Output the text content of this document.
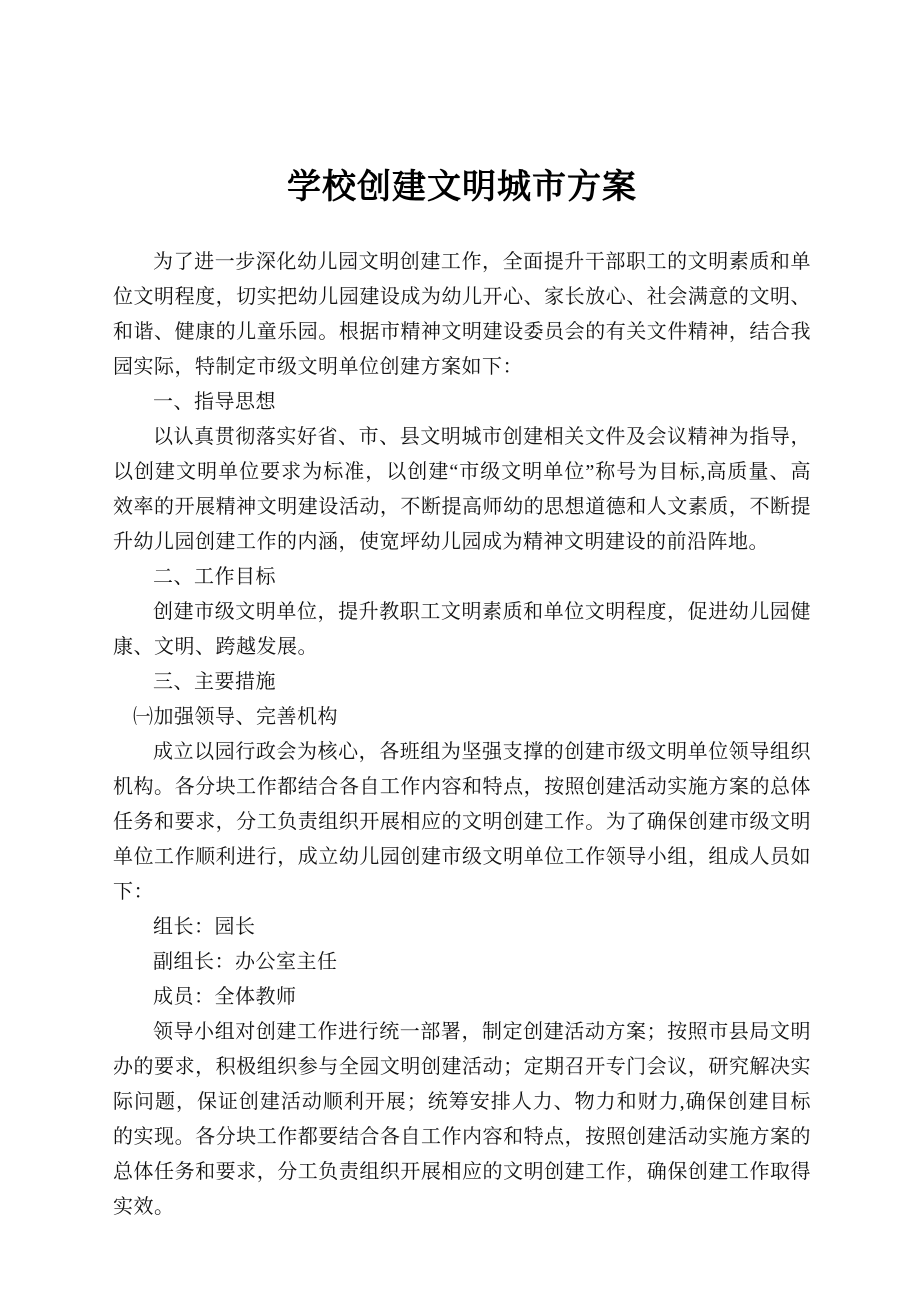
学校创建文明城市方案

为了进一步深化幼儿园文明创建工作，全面提升干部职工的文明素质和单位文明程度，切实把幼儿园建设成为幼儿开心、家长放心、社会满意的文明、和谐、健康的儿童乐园。根据市精神文明建设委员会的有关文件精神，结合我园实际，特制定市级文明单位创建方案如下：

一、指导思想

以认真贯彻落实好省、市、县文明城市创建相关文件及会议精神为指导，以创建文明单位要求为标准，以创建“市级文明单位”称号为目标,高质量、高效率的开展精神文明建设活动，不断提高师幼的思想道德和人文素质，不断提升幼儿园创建工作的内涵，使宽坪幼儿园成为精神文明建设的前沿阵地。

二、工作目标

创建市级文明单位，提升教职工文明素质和单位文明程度，促进幼儿园健康、文明、跨越发展。

三、主要措施

㈠加强领导、完善机构

成立以园行政会为核心，各班组为坚强支撑的创建市级文明单位领导组织机构。各分块工作都结合各自工作内容和特点，按照创建活动实施方案的总体任务和要求，分工负责组织开展相应的文明创建工作。为了确保创建市级文明单位工作顺利进行，成立幼儿园创建市级文明单位工作领导小组，组成人员如下：

组长：园长

副组长：办公室主任

成员：全体教师

领导小组对创建工作进行统一部署，制定创建活动方案；按照市县局文明办的要求，积极组织参与全园文明创建活动；定期召开专门会议，研究解决实际问题，保证创建活动顺利开展；统筹安排人力、物力和财力,确保创建目标的实现。各分块工作都要结合各自工作内容和特点，按照创建活动实施方案的总体任务和要求，分工负责组织开展相应的文明创建工作，确保创建工作取得实效。
